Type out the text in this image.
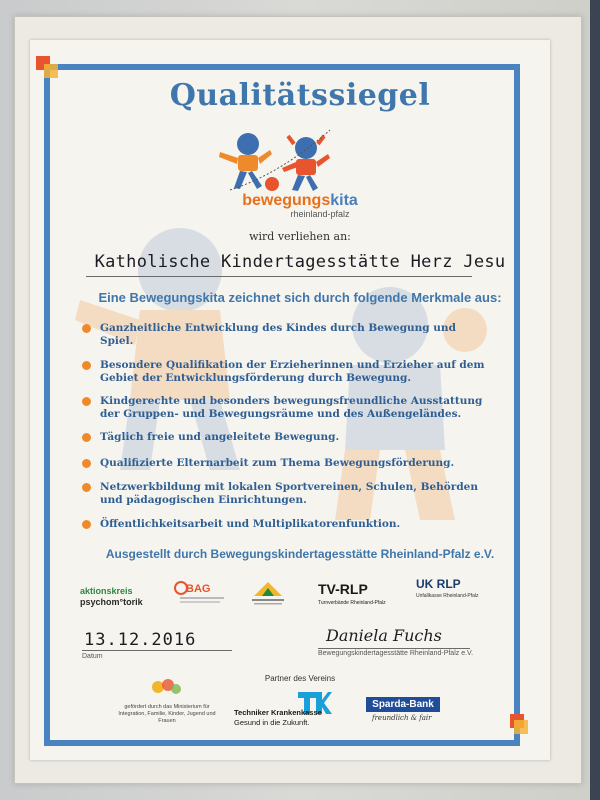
Qualitätssiegel
bewegungskita
rheinland-pfalz
wird verliehen an:
Katholische Kindertagesstätte Herz Jesu
Eine Bewegungskita zeichnet sich durch folgende Merkmale aus:
Ganzheitliche Entwicklung des Kindes durch Bewegung und Spiel.
Besondere Qualifikation der Erzieherinnen und Erzieher auf dem Gebiet der Entwicklungsförderung durch Bewegung.
Kindgerechte und besonders bewegungsfreundliche Ausstattung der Gruppen- und Bewegungsräume und des Außengeländes.
Täglich freie und angeleitete Bewegung.
Qualifizierte Elternarbeit zum Thema Bewegungsförderung.
Netzwerkbildung mit lokalen Sportvereinen, Schulen, Behörden und pädagogischen Einrichtungen.
Öffentlichkeitsarbeit und Multiplikatorenfunktion.
Ausgestellt durch Bewegungskindertagesstätte Rheinland-Pfalz e.V.
aktionskreis
psychom°torik
BAG	TV-RLP
Turnverbände Rheinland-Pfalz
UK RLP
Unfallkasse Rheinland-Pfalz
13.12.2016
Datum
Daniela Fuchs
Bewegungskindertagesstätte Rheinland-Pfalz e.V.
Partner des Vereins
gefördert durch das Ministerium für Integration, Familie, Kinder, Jugend und Frauen
Techniker Krankenkasse
Gesund in die Zukunft.
Sparda-Bank
freundlich & fair
